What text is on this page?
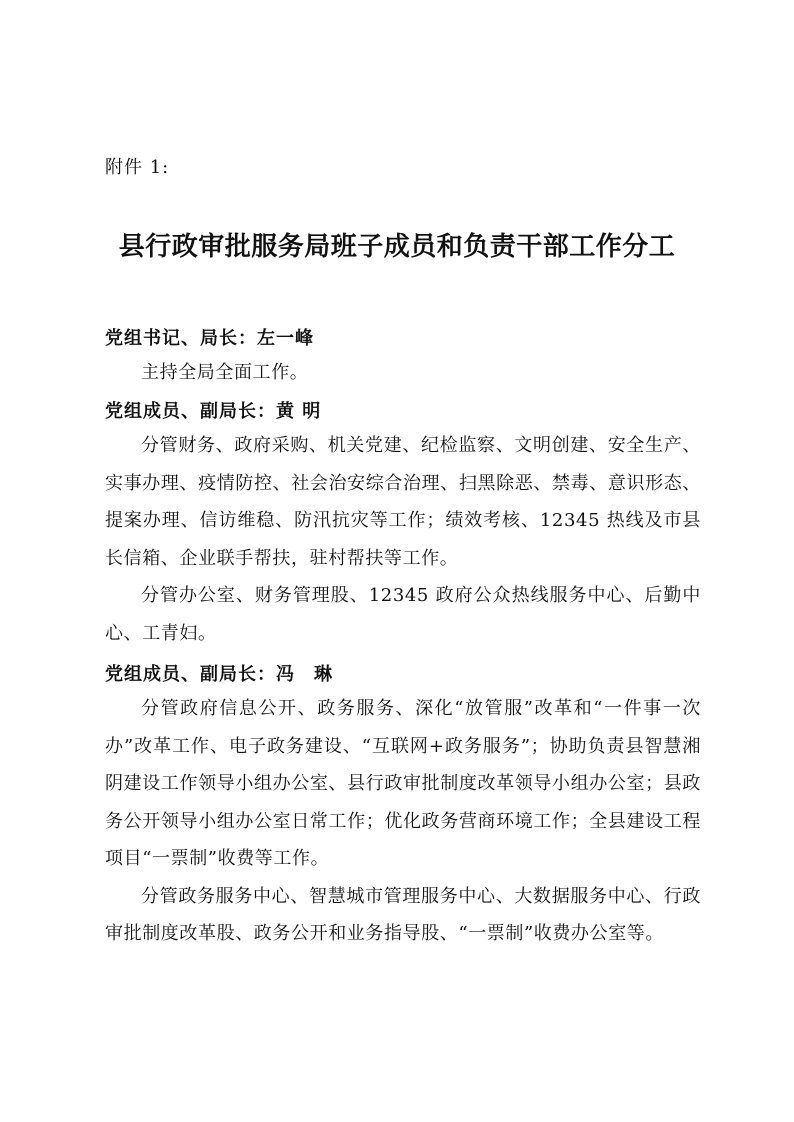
附件 1:
县行政审批服务局班子成员和负责干部工作分工
党组书记、局长：左一峰

主持全局全面工作。

党组成员、副局长：黄 明

分管财务、政府采购、机关党建、纪检监察、文明创建、安全生产、实事办理、疫情防控、社会治安综合治理、扫黑除恶、禁毒、意识形态、提案办理、信访维稳、防汛抗灾等工作；绩效考核、12345 热线及市县长信箱、企业联手帮扶，驻村帮扶等工作。

分管办公室、财务管理股、12345 政府公众热线服务中心、后勤中心、工青妇。

党组成员、副局长：冯　琳

分管政府信息公开、政务服务、深化“放管服”改革和“一件事一次办”改革工作、电子政务建设、“互联网+政务服务”；协助负责县智慧湘阴建设工作领导小组办公室、县行政审批制度改革领导小组办公室；县政务公开领导小组办公室日常工作；优化政务营商环境工作；全县建设工程项目“一票制”收费等工作。

分管政务服务中心、智慧城市管理服务中心、大数据服务中心、行政审批制度改革股、政务公开和业务指导股、“一票制”收费办公室等。
